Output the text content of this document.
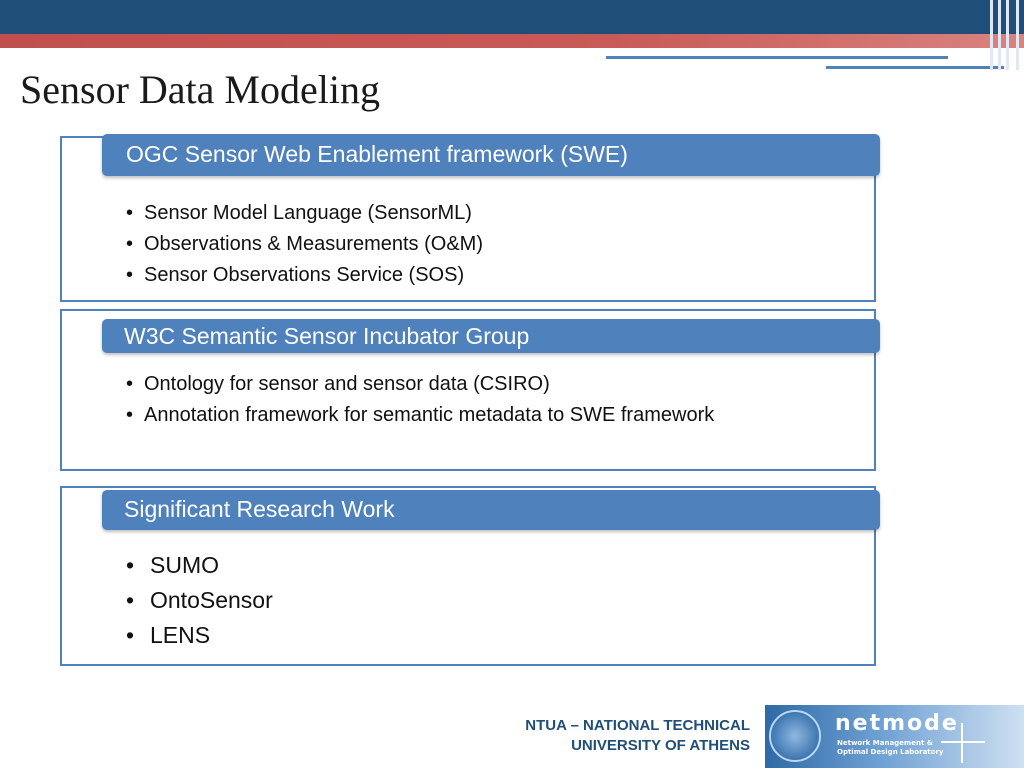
Sensor Data Modeling
OGC Sensor Web Enablement framework (SWE)
• Sensor Model Language (SensorML)
• Observations & Measurements (O&M)
• Sensor Observations Service (SOS)
W3C Semantic Sensor Incubator Group
• Ontology for sensor and sensor data (CSIRO)
• Annotation framework for semantic metadata to SWE framework
Significant Research Work
• SUMO
• OntoSensor
• LENS
NTUA – NATIONAL TECHNICAL
UNIVERSITY OF ATHENS
netmode
Network Management &
Optimal Design Laboratory
